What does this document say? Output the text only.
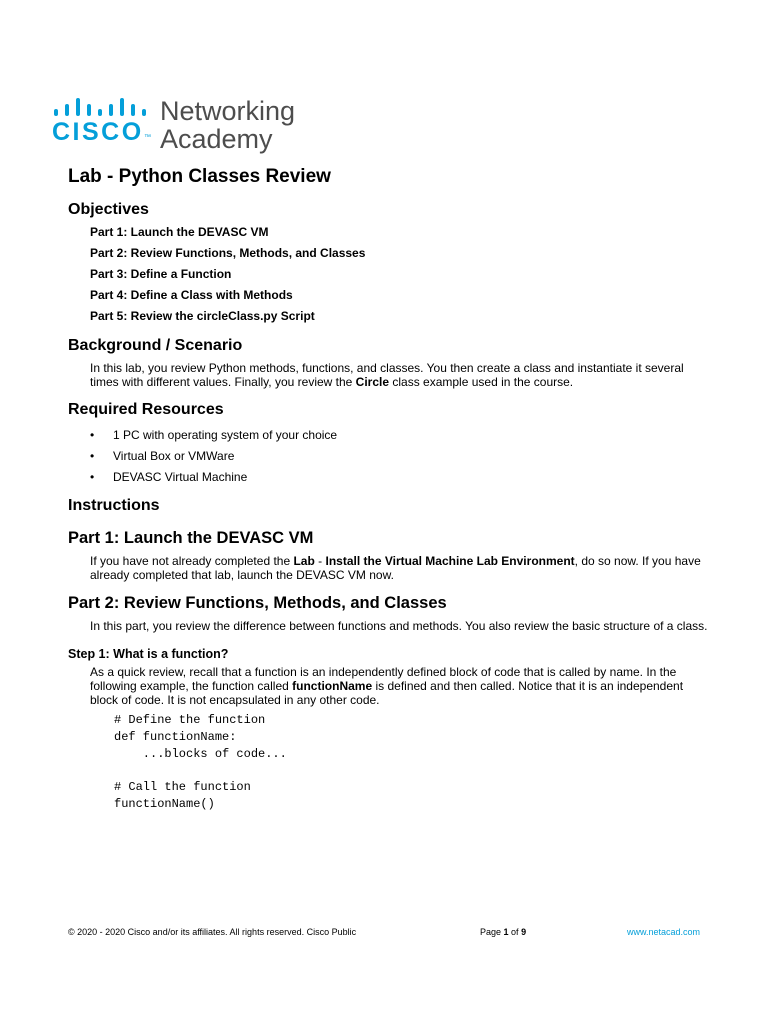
CISCO ™
Networking
Academy
Lab - Python Classes Review
Objectives
Part 1: Launch the DEVASC VM
Part 2: Review Functions, Methods, and Classes
Part 3: Define a Function
Part 4: Define a Class with Methods
Part 5: Review the circleClass.py Script
Background / Scenario

In this lab, you review Python methods, functions, and classes. You then create a class and instantiate it several times with different values. Finally, you review the Circle class example used in the course.

Required Resources
• 1 PC with operating system of your choice
• Virtual Box or VMWare
• DEVASC Virtual Machine
Instructions
Part 1: Launch the DEVASC VM

If you have not already completed the Lab - Install the Virtual Machine Lab Environment, do so now. If you have already completed that lab, launch the DEVASC VM now.

Part 2: Review Functions, Methods, and Classes

In this part, you review the difference between functions and methods. You also review the basic structure of a class.

Step 1: What is a function?

As a quick review, recall that a function is an independently defined block of code that is called by name. In the following example, the function called functionName is defined and then called. Notice that it is an independent block of code. It is not encapsulated in any other code.

# Define the function
def functionName:
...blocks of code...

# Call the function
functionName()
© 2020 - 2020 Cisco and/or its affiliates. All rights reserved. Cisco Public	Page 1 of 9	www.netacad.com
